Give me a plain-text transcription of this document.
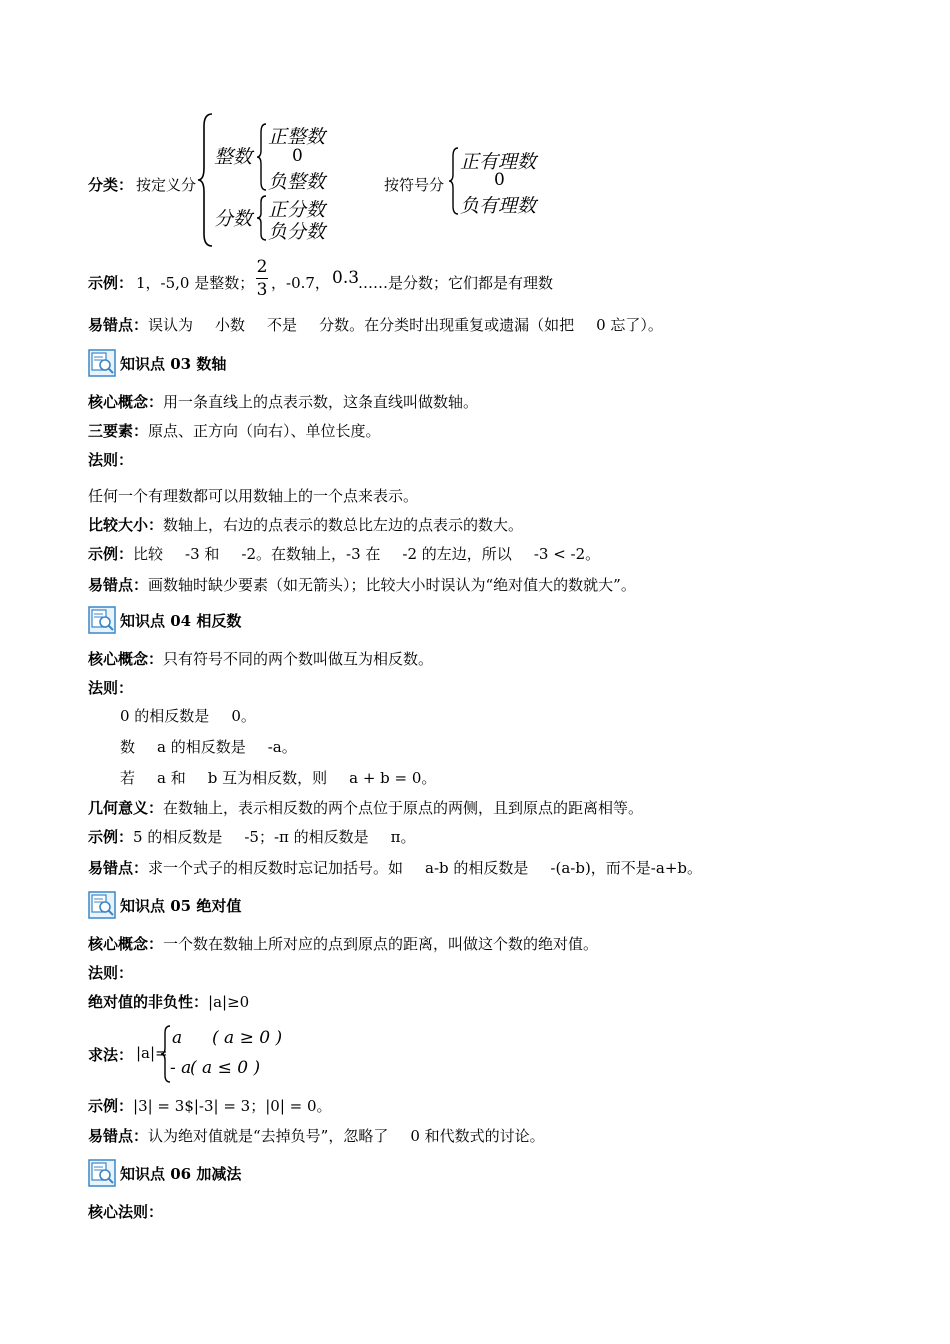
分类： 按定义分
整数
正整数
0
负整数
分数 正分数
负分数
按符号分
正有理数
0
负有理数
示例： 1，-5,0 是整数；
2
3 ，-0.7， 0.3
……是分数；它们都是有理数
易错点：误认为 小数 不是 分数。在分类时出现重复或遗漏（如把 0 忘了）。
知识点 03 数轴
核心概念：用一条直线上的点表示数，这条直线叫做数轴。
三要素：原点、正方向（向右）、单位长度。
法则：
任何一个有理数都可以用数轴上的一个点来表示。
比较大小：数轴上，右边的点表示的数总比左边的点表示的数大。
示例：比较 -3 和 -2。在数轴上，-3 在 -2 的左边，所以 -3 < -2。
易错点：画数轴时缺少要素（如无箭头）；比较大小时误认为“绝对值大的数就大”。
知识点 04 相反数
核心概念：只有符号不同的两个数叫做互为相反数。
法则：
0 的相反数是 0。
数 a 的相反数是 -a。
若 a 和 b 互为相反数，则 a + b = 0。
几何意义：在数轴上，表示相反数的两个点位于原点的两侧，且到原点的距离相等。
示例：5 的相反数是 -5；-π 的相反数是 π。
易错点：求一个式子的相反数时忘记加括号。如 a-b 的相反数是 -(a-b)，而不是-a+b。
知识点 05 绝对值
核心概念：一个数在数轴上所对应的点到原点的距离，叫做这个数的绝对值。
法则：
绝对值的非负性：|a|≥0
求法： |a|=
a ( a ≥ 0 )
- a
( a ≤ 0 )
示例：|3| = 3$|-3| = 3；|0| = 0。
易错点：认为绝对值就是“去掉负号”，忽略了 0 和代数式的讨论。
知识点 06 加减法
核心法则：
